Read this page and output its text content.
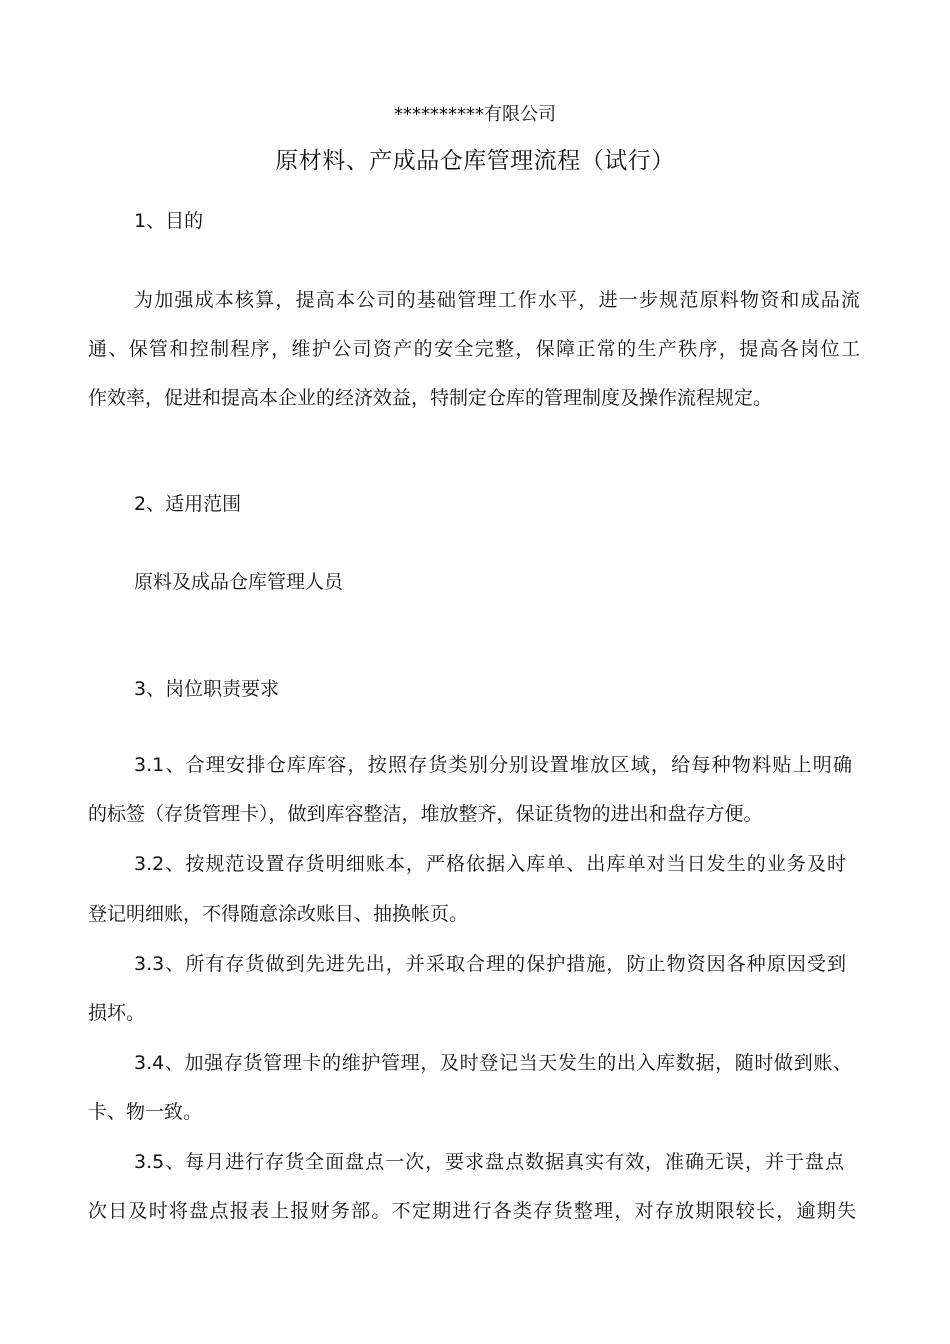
**********有限公司
原材料、产成品仓库管理流程（试行）
1、目的
为加强成本核算，提高本公司的基础管理工作水平，进一步规范原料物资和成品流
通、保管和控制程序，维护公司资产的安全完整，保障正常的生产秩序，提高各岗位工
作效率，促进和提高本企业的经济效益，特制定仓库的管理制度及操作流程规定。
2、适用范围
原料及成品仓库管理人员
3、岗位职责要求
3.1、合理安排仓库库容，按照存货类别分别设置堆放区域，给每种物料贴上明确
的标签（存货管理卡），做到库容整洁，堆放整齐，保证货物的进出和盘存方便。
3.2、按规范设置存货明细账本，严格依据入库单、出库单对当日发生的业务及时
登记明细账，不得随意涂改账目、抽换帐页。
3.3、所有存货做到先进先出，并采取合理的保护措施，防止物资因各种原因受到
损坏。
3.4、加强存货管理卡的维护管理，及时登记当天发生的出入库数据，随时做到账、
卡、物一致。
3.5、每月进行存货全面盘点一次，要求盘点数据真实有效，准确无误，并于盘点
次日及时将盘点报表上报财务部。不定期进行各类存货整理，对存放期限较长，逾期失
